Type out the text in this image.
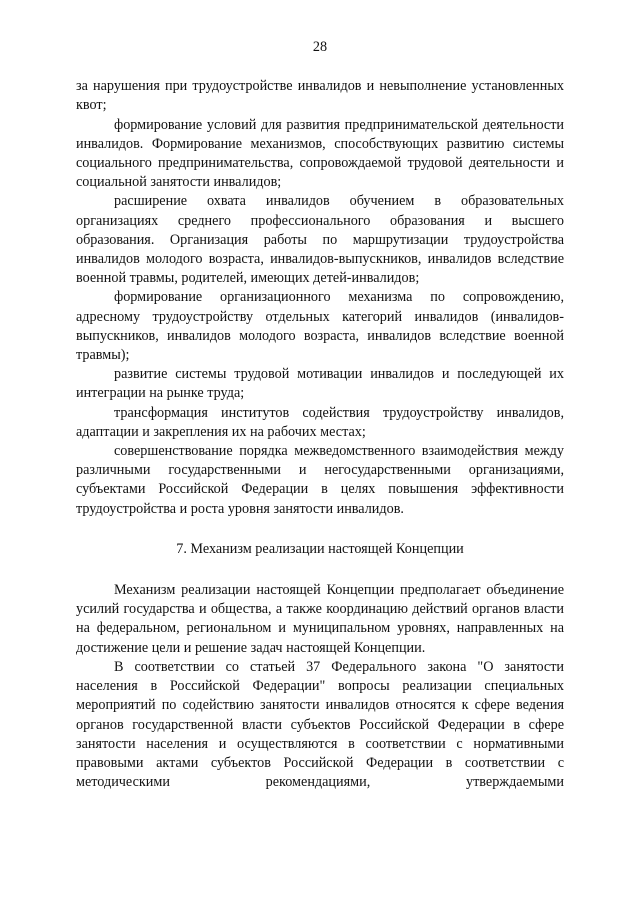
28

за нарушения при трудоустройстве инвалидов и невыполнение установленных квот;

формирование условий для развития предпринимательской деятельности инвалидов. Формирование механизмов, способствующих развитию системы социального предпринимательства, сопровождаемой трудовой деятельности и социальной занятости инвалидов;

расширение охвата инвалидов обучением в образовательных организациях среднего профессионального образования и высшего образования. Организация работы по маршрутизации трудоустройства инвалидов молодого возраста, инвалидов-выпускников, инвалидов вследствие военной травмы, родителей, имеющих детей-инвалидов;

формирование организационного механизма по сопровождению, адресному трудоустройству отдельных категорий инвалидов (инвалидов-выпускников, инвалидов молодого возраста, инвалидов вследствие военной травмы);

развитие системы трудовой мотивации инвалидов и последующей их интеграции на рынке труда;

трансформация институтов содействия трудоустройству инвалидов, адаптации и закрепления их на рабочих местах;

совершенствование порядка межведомственного взаимодействия между различными государственными и негосударственными организациями, субъектами Российской Федерации в целях повышения эффективности трудоустройства и роста уровня занятости инвалидов.

7. Механизм реализации настоящей Концепции

Механизм реализации настоящей Концепции предполагает объединение усилий государства и общества, а также координацию действий органов власти на федеральном, региональном и муниципальном уровнях, направленных на достижение цели и решение задач настоящей Концепции.

В соответствии со статьей 37 Федерального закона "О занятости населения в Российской Федерации" вопросы реализации специальных мероприятий по содействию занятости инвалидов относятся к сфере ведения органов государственной власти субъектов Российской Федерации в сфере занятости населения и осуществляются в соответствии с нормативными правовыми актами субъектов Российской Федерации в соответствии с методическими рекомендациями, утверждаемыми
